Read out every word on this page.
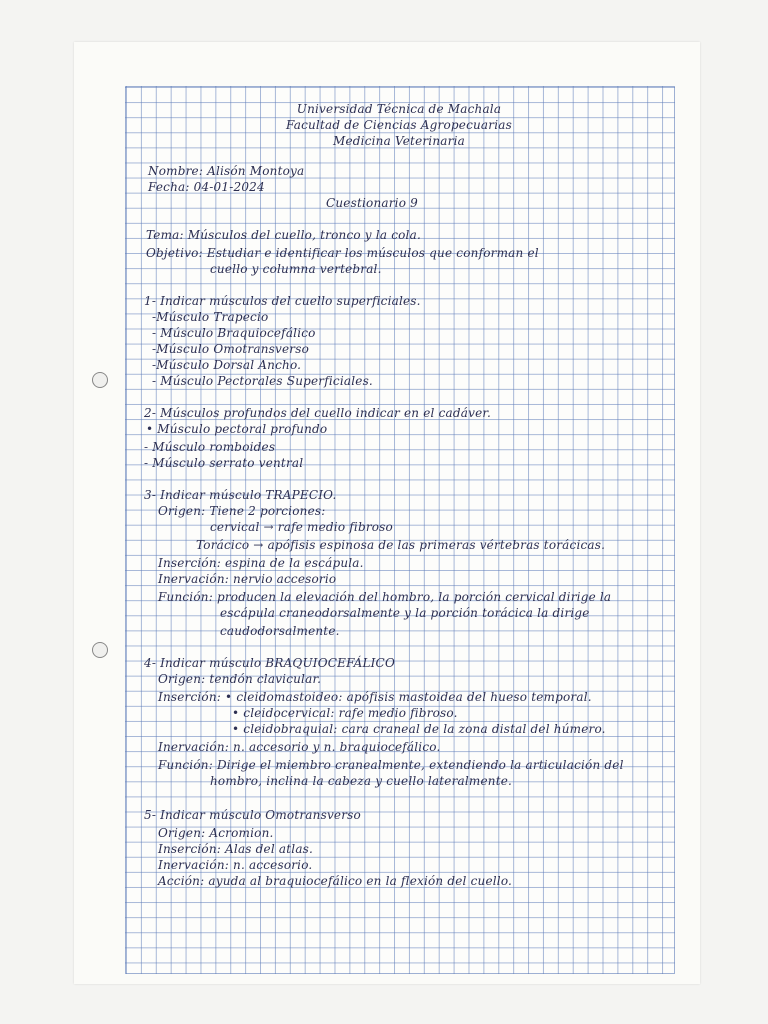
Universidad Técnica de Machala
Facultad de Ciencias Agropecuarias
Medicina Veterinaria
Nombre: Alisón Montoya
Fecha: 04-01-2024
Cuestionario 9
Tema: Músculos del cuello, tronco y la cola.
Objetivo: Estudiar e identificar los músculos que conforman el
cuello y columna vertebral.
1- Indicar músculos del cuello superficiales.
-Músculo Trapecio
- Músculo Braquiocefálico
-Músculo Omotransverso
-Músculo Dorsal Ancho.
- Músculo Pectorales Superficiales.
2- Músculos profundos del cuello indicar en el cadáver.
• Músculo pectoral profundo
- Músculo romboides
- Músculo serrato ventral
3- Indicar músculo TRAPECIO.
Origen: Tiene 2 porciones:
cervical → rafe medio fibroso
Torácico → apófisis espinosa de las primeras vértebras torácicas.
Inserción: espina de la escápula.
Inervación: nervio accesorio
Función: producen la elevación del hombro, la porción cervical dirige la
escápula craneodorsalmente y la porción torácica la dirige
caudodorsalmente.
4- Indicar músculo BRAQUIOCEFÁLICO
Origen: tendón clavicular.
Inserción: • cleidomastoideo: apófisis mastoidea del hueso temporal.
• cleidocervical: rafe medio fibroso.
• cleidobraquial: cara craneal de la zona distal del húmero.
Inervación: n. accesorio y n. braquiocefálico.
Función: Dirige el miembro cranealmente, extendiendo la articulación del
hombro, inclina la cabeza y cuello lateralmente.
5- Indicar músculo Omotransverso
Origen: Acromion.
Inserción: Alas del atlas.
Inervación: n. accesorio.
Acción: ayuda al braquiocefálico en la flexión del cuello.
